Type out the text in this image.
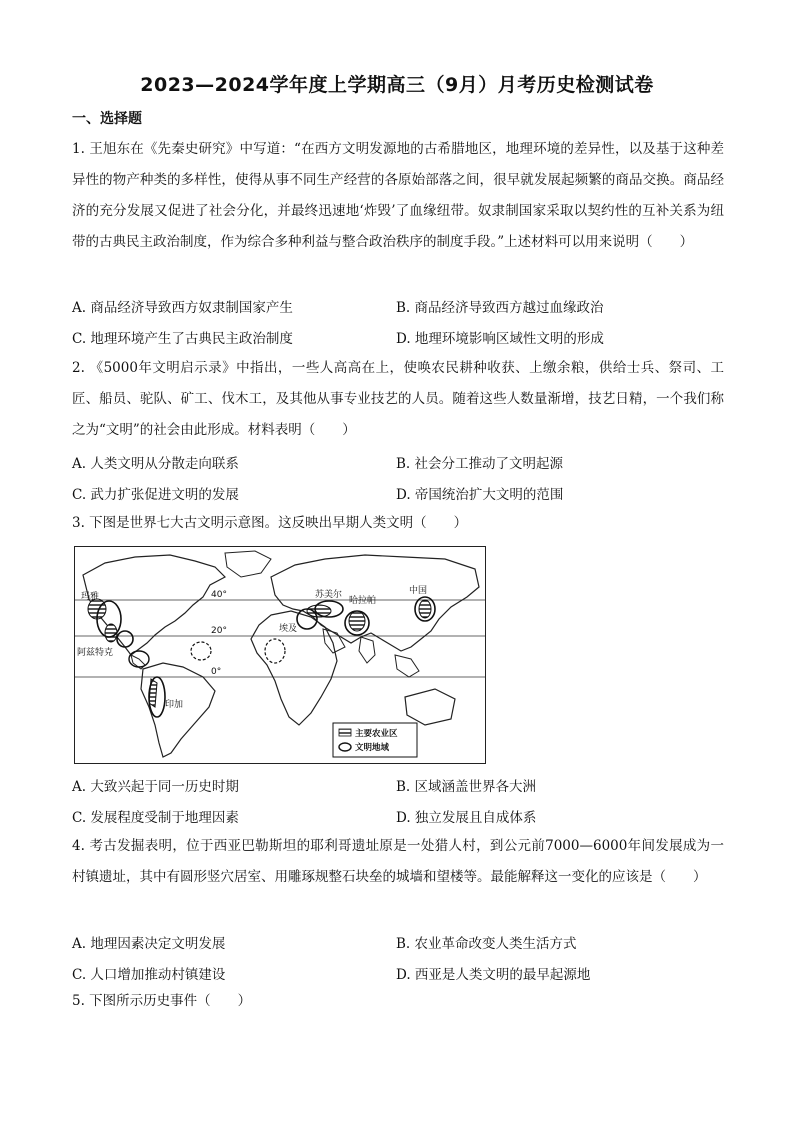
2023—2024学年度上学期高三（9月）月考历史检测试卷
一、选择题

1. 王旭东在《先秦史研究》中写道：“在西方文明发源地的古希腊地区，地理环境的差异性，以及基于这种差异性的物产种类的多样性，使得从事不同生产经营的各原始部落之间，很早就发展起频繁的商品交换。商品经济的充分发展又促进了社会分化，并最终迅速地‘炸毁’了血缘纽带。奴隶制国家采取以契约性的互补关系为纽带的古典民主政治制度，作为综合多种利益与整合政治秩序的制度手段。”上述材料可以用来说明（　　）

A. 商品经济导致西方奴隶制国家产生	B. 商品经济导致西方越过血缘政治
C. 地理环境产生了古典民主政治制度	D. 地理环境影响区域性文明的形成

2. 《5000年文明启示录》中指出，一些人高高在上，使唤农民耕种收获、上缴余粮，供给士兵、祭司、工匠、船员、驼队、矿工、伐木工，及其他从事专业技艺的人员。随着这些人数量渐增，技艺日精，一个我们称之为“文明”的社会由此形成。材料表明（　　）

A. 人类文明从分散走向联系	B. 社会分工推动了文明起源
C. 武力扩张促进文明的发展	D. 帝国统治扩大文明的范围

3. 下图是世界七大古文明示意图。这反映出早期人类文明（　　）

40°
20°
0°
玛雅
阿兹特克
印加
埃及
苏美尔
哈拉帕
中国
主要农业区
文明地域
A. 大致兴起于同一历史时期	B. 区域涵盖世界各大洲
C. 发展程度受制于地理因素	D. 独立发展且自成体系

4. 考古发掘表明，位于西亚巴勒斯坦的耶利哥遗址原是一处猎人村，到公元前7000—6000年间发展成为一村镇遗址，其中有圆形竖穴居室、用雕琢规整石块垒的城墙和望楼等。最能解释这一变化的应该是（　　）

A. 地理因素决定文明发展	B. 农业革命改变人类生活方式
C. 人口增加推动村镇建设	D. 西亚是人类文明的最早起源地

5. 下图所示历史事件（　　）
